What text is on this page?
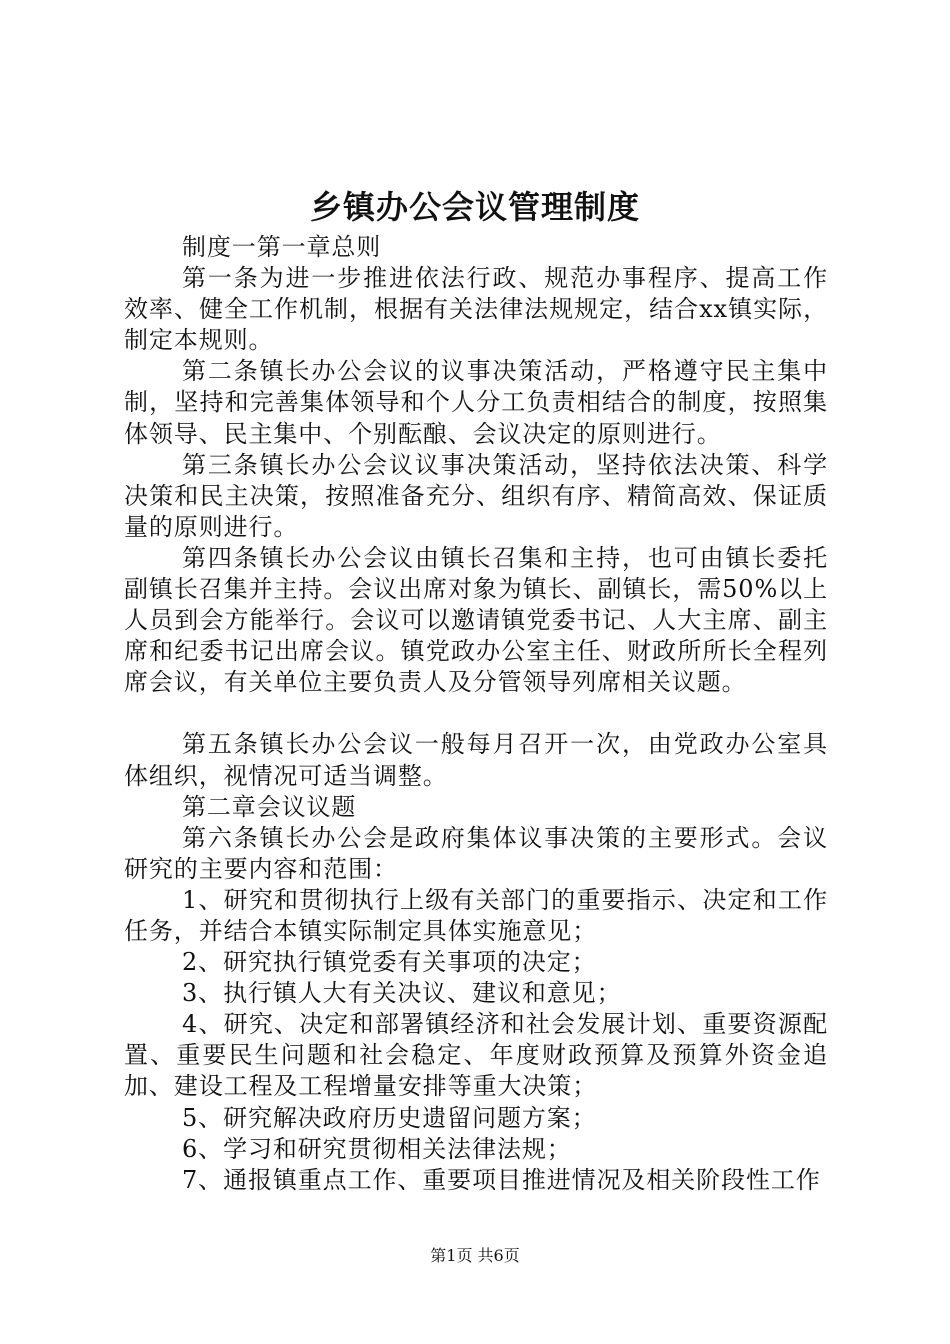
乡镇办公会议管理制度

制度一第一章总则

第一条为进一步推进依法行政、规范办事程序、提高工作效率、健全工作机制，根据有关法律法规规定，结合xx镇实际，制定本规则。

第二条镇长办公会议的议事决策活动，严格遵守民主集中制，坚持和完善集体领导和个人分工负责相结合的制度，按照集体领导、民主集中、个别酝酿、会议决定的原则进行。

第三条镇长办公会议议事决策活动，坚持依法决策、科学决策和民主决策，按照准备充分、组织有序、精简高效、保证质量的原则进行。

第四条镇长办公会议由镇长召集和主持，也可由镇长委托副镇长召集并主持。会议出席对象为镇长、副镇长，需50%以上人员到会方能举行。会议可以邀请镇党委书记、人大主席、副主席和纪委书记出席会议。镇党政办公室主任、财政所所长全程列席会议，有关单位主要负责人及分管领导列席相关议题。

第五条镇长办公会议一般每月召开一次，由党政办公室具体组织，视情况可适当调整。

第二章会议议题

第六条镇长办公会是政府集体议事决策的主要形式。会议研究的主要内容和范围：

1、研究和贯彻执行上级有关部门的重要指示、决定和工作任务，并结合本镇实际制定具体实施意见；

2、研究执行镇党委有关事项的决定；

3、执行镇人大有关决议、建议和意见；

4、研究、决定和部署镇经济和社会发展计划、重要资源配置、重要民生问题和社会稳定、年度财政预算及预算外资金追加、建设工程及工程增量安排等重大决策；

5、研究解决政府历史遗留问题方案；

6、学习和研究贯彻相关法律法规；

7、通报镇重点工作、重要项目推进情况及相关阶段性工作

第1页 共6页
